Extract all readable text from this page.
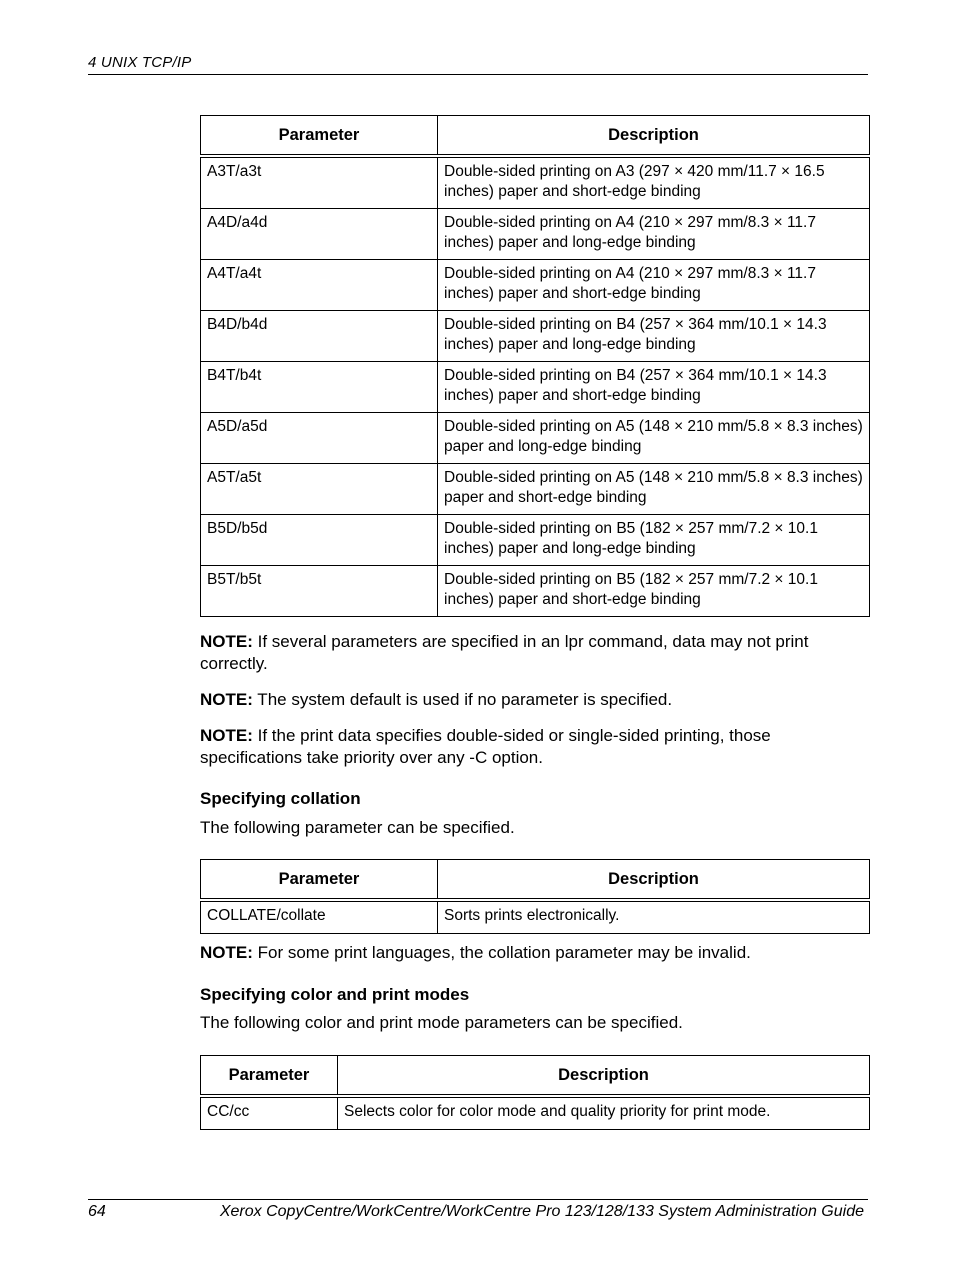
4 UNIX TCP/IP
Parameter	Description
A3T/a3t	Double-sided printing on A3 (297 × 420 mm/11.7 × 16.5 inches) paper and short-edge binding
A4D/a4d	Double-sided printing on A4 (210 × 297 mm/8.3 × 11.7 inches) paper and long-edge binding
A4T/a4t	Double-sided printing on A4 (210 × 297 mm/8.3 × 11.7 inches) paper and short-edge binding
B4D/b4d	Double-sided printing on B4 (257 × 364 mm/10.1 × 14.3 inches) paper and long-edge binding
B4T/b4t	Double-sided printing on B4 (257 × 364 mm/10.1 × 14.3 inches) paper and short-edge binding
A5D/a5d	Double-sided printing on A5 (148 × 210 mm/5.8 × 8.3 inches) paper and long-edge binding
A5T/a5t	Double-sided printing on A5 (148 × 210 mm/5.8 × 8.3 inches) paper and short-edge binding
B5D/b5d	Double-sided printing on B5 (182 × 257 mm/7.2 × 10.1 inches) paper and long-edge binding
B5T/b5t	Double-sided printing on B5 (182 × 257 mm/7.2 × 10.1 inches) paper and short-edge binding
NOTE: If several parameters are specified in an lpr command, data may not print correctly.
NOTE: The system default is used if no parameter is specified.
NOTE: If the print data specifies double-sided or single-sided printing, those specifications take priority over any -C option.
Specifying collation
The following parameter can be specified.
Parameter	Description
COLLATE/collate	Sorts prints electronically.
NOTE: For some print languages, the collation parameter may be invalid.
Specifying color and print modes
The following color and print mode parameters can be specified.
Parameter	Description
CC/cc	Selects color for color mode and quality priority for print mode.
64	Xerox CopyCentre/WorkCentre/WorkCentre Pro 123/128/133 System Administration Guide
